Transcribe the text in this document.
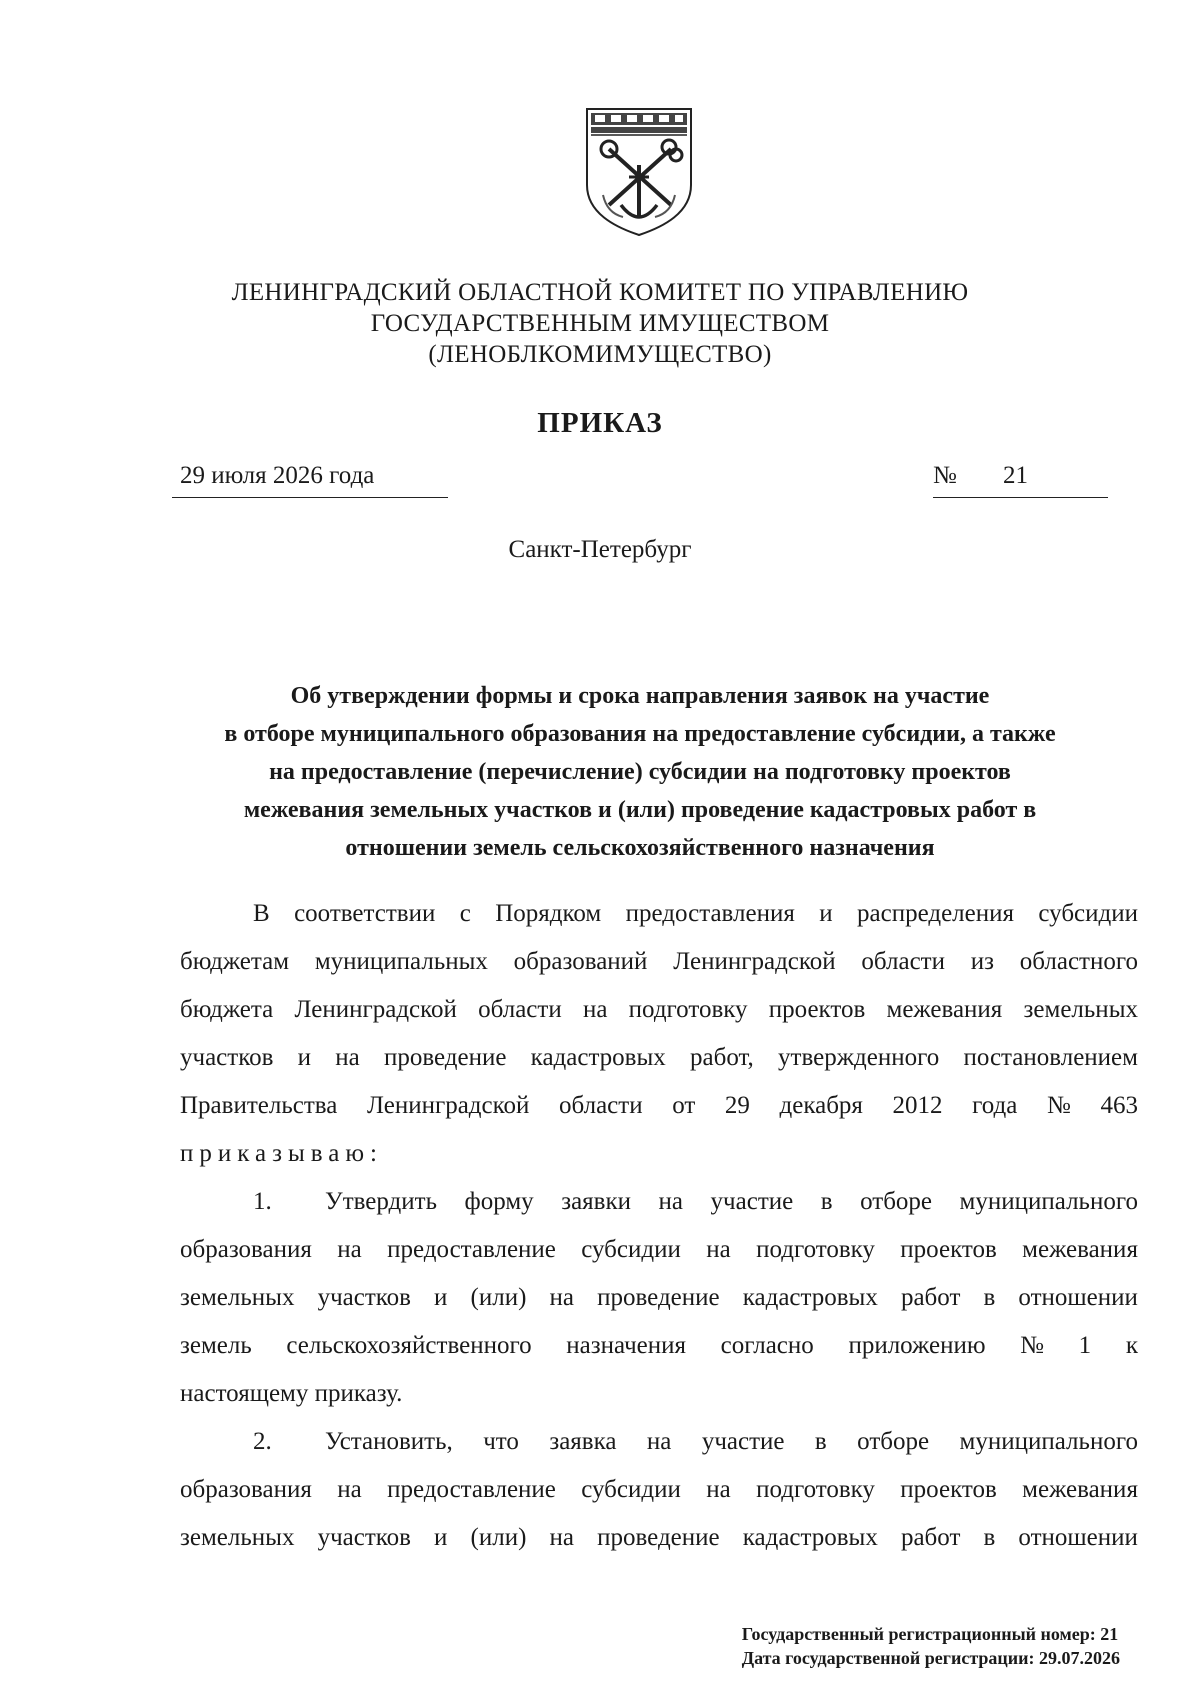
ЛЕНИНГРАДСКИЙ ОБЛАСТНОЙ КОМИТЕТ ПО УПРАВЛЕНИЮ
ГОСУДАРСТВЕННЫМ ИМУЩЕСТВОМ
(ЛЕНОБЛКОМИМУЩЕСТВО)
ПРИКАЗ
29 июля 2026 года	№ 21
Санкт-Петербург
Об утверждении формы и срока направления заявок на участие
в отборе муниципального образования на предоставление субсидии, а также
на предоставление (перечисление) субсидии на подготовку проектов
межевания земельных участков и (или) проведение кадастровых работ в
отношении земель сельскохозяйственного назначения
В соответствии с Порядком предоставления и распределения субсидии
бюджетам муниципальных образований Ленинградской области из областного
бюджета Ленинградской области на подготовку проектов межевания земельных
участков и на проведение кадастровых работ, утвержденного постановлением
Правительства Ленинградской области от 29 декабря 2012 года № 463
приказываю:
1.	Утвердить форму заявки на участие в отборе муниципального
образования на предоставление субсидии на подготовку проектов межевания
земельных участков и (или) на проведение кадастровых работ в отношении
земель сельскохозяйственного назначения согласно приложению № 1 к
настоящему приказу.
2.	Установить, что заявка на участие в отборе муниципального
образования на предоставление субсидии на подготовку проектов межевания
земельных участков и (или) на проведение кадастровых работ в отношении
Государственный регистрационный номер: 21
Дата государственной регистрации: 29.07.2026
